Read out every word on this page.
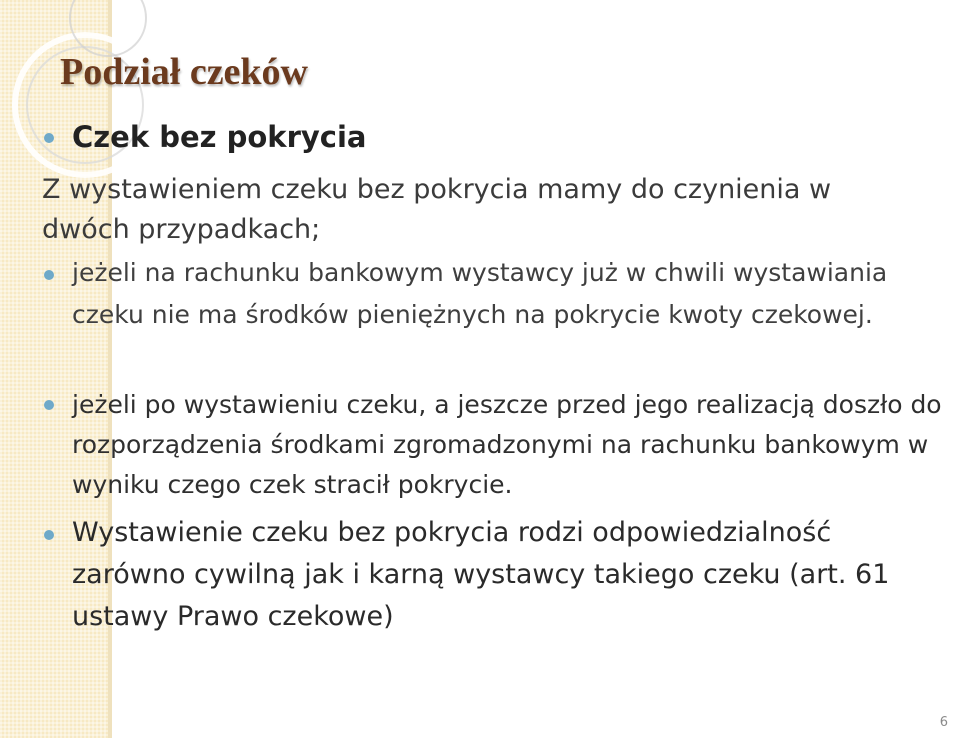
Podział czeków
Czek bez pokrycia
Z wystawieniem czeku bez pokrycia mamy do czynienia w dwóch przypadkach;
jeżeli na rachunku bankowym wystawcy już w chwili wystawiania czeku nie ma środków pieniężnych na pokrycie kwoty czekowej.
jeżeli po wystawieniu czeku, a jeszcze przed jego realizacją doszło do rozporządzenia środkami zgromadzonymi na rachunku bankowym w wyniku czego czek stracił pokrycie.
Wystawienie czeku bez pokrycia rodzi odpowiedzialność zarówno cywilną jak i karną wystawcy takiego czeku (art. 61 ustawy Prawo czekowe)
6
